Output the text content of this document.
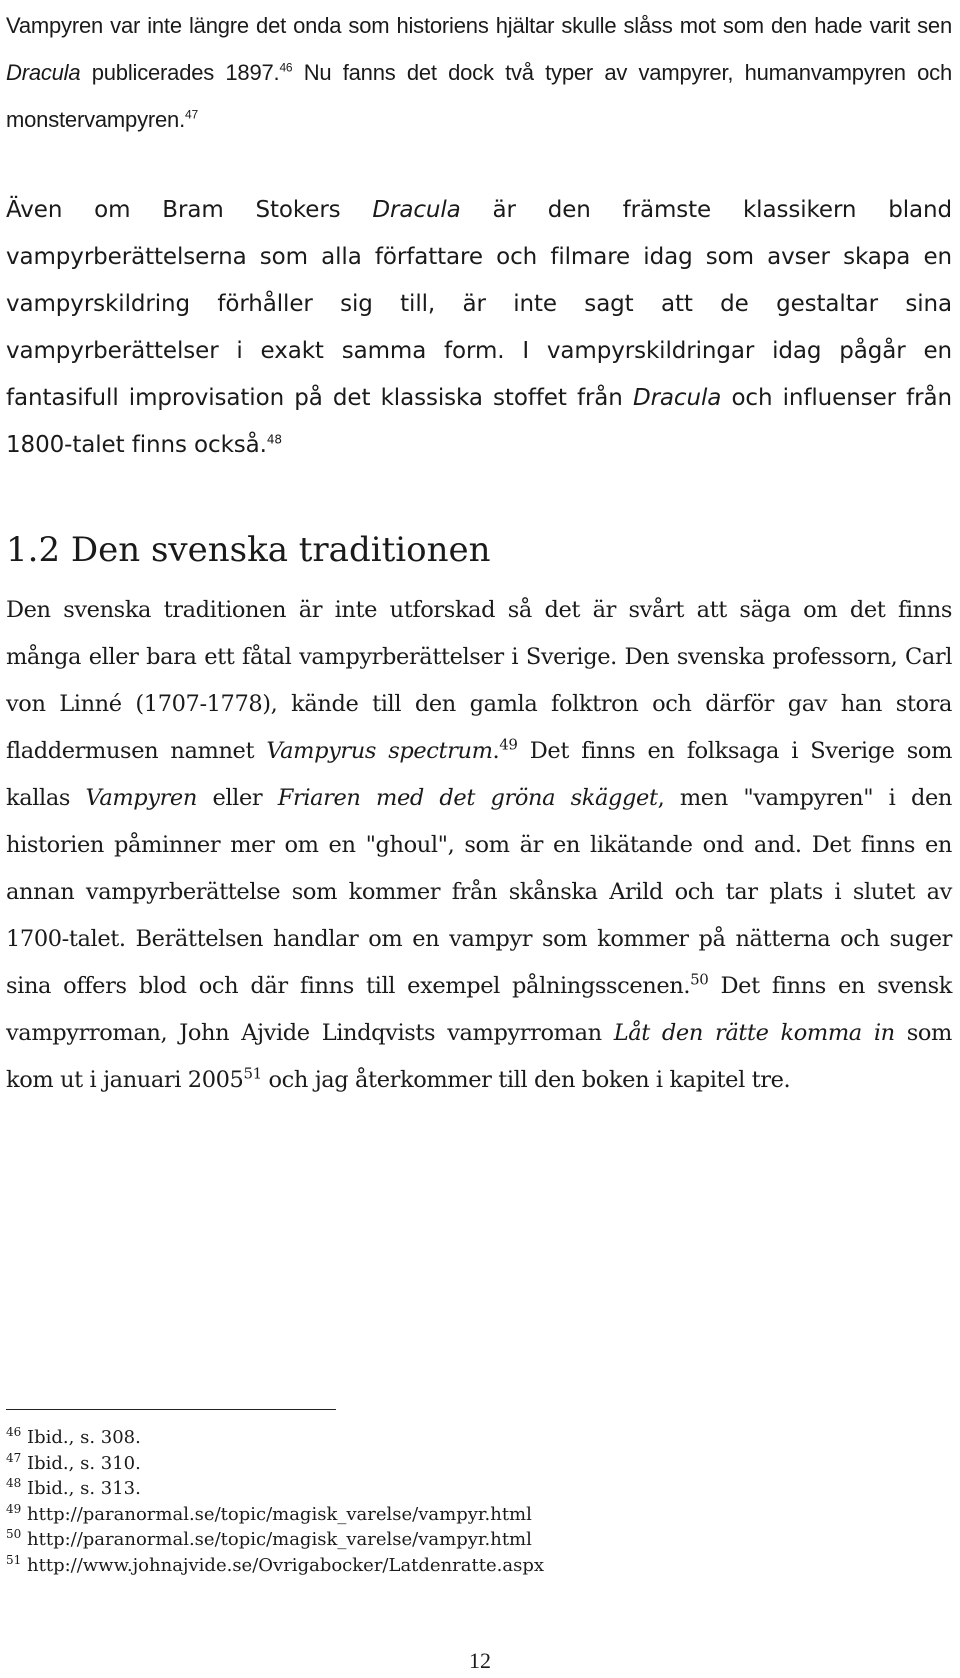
Vampyren var inte längre det onda som historiens hjältar skulle slåss mot som den hade varit sen Dracula publicerades 1897.46 Nu fanns det dock två typer av vampyrer, humanvampyren och monstervampyren.$^{47}$

Även om Bram Stokers Dracula är den främste klassikern bland vampyrberättelserna som alla författare och filmare idag som avser skapa en vampyrskildring förhåller sig till, är inte sagt att de gestaltar sina vampyrberättelser i exakt samma form. I vampyrskildringar idag pågår en fantasifull improvisation på det klassiska stoffet från Dracula och influenser från 1800-talet finns också.$^{48}$

1.2 Den svenska traditionen

Den svenska traditionen är inte utforskad så det är svårt att säga om det finns många eller bara ett fåtal vampyrberättelser i Sverige. Den svenska professorn, Carl von Linné (1707-1778), kände till den gamla folktron och därför gav han stora fladdermusen namnet Vampyrus spectrum.$^{49}$ Det finns en folksaga i Sverige som kallas Vampyren eller Friaren med det gröna skägget, men "vampyren" i den historien påminner mer om en "ghoul", som är en likätande ond and. Det finns en annan vampyrberättelse som kommer från skånska Arild och tar plats i slutet av 1700-talet. Berättelsen handlar om en vampyr som kommer på nätterna och suger sina offers blod och där finns till exempel pålningsscenen.$^{50}$ Det finns en svensk vampyrroman, John Ajvide Lindqvists vampyrroman Låt den rätte komma in som kom ut i januari 2005$^{51}$ och jag återkommer till den boken i kapitel tre.

$^{46}$ Ibid., s. 308.
$^{47}$ Ibid., s. 310.
$^{48}$ Ibid., s. 313.
$^{49}$ http://paranormal.se/topic/magisk_varelse/vampyr.html
$^{50}$ http://paranormal.se/topic/magisk_varelse/vampyr.html
$^{51}$ http://www.johnajvide.se/Ovrigabocker/Latdenratte.aspx
12
